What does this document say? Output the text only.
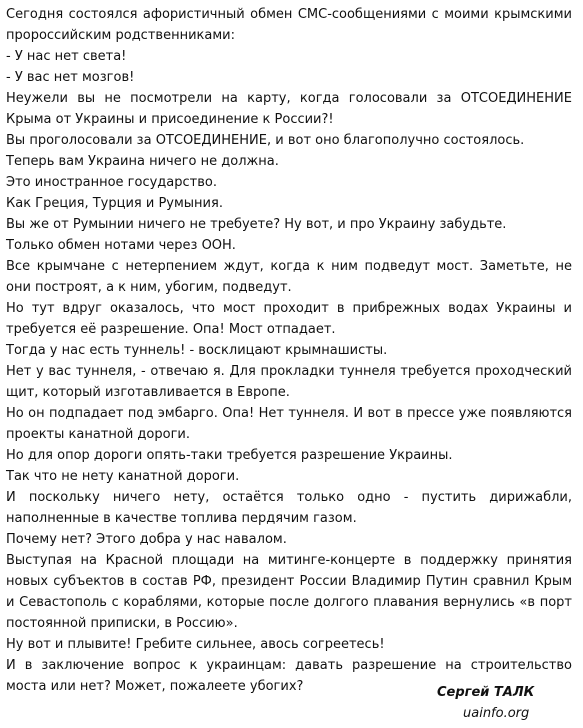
Сегодня состоялся афористичный обмен СМС-сообщениями с моими крымскими пророссийским родственниками:

- У нас нет света!

- У вас нет мозгов!

Неужели вы не посмотрели на карту, когда голосовали за ОТСОЕДИНЕНИЕ Крыма от Украины и присоединение к России?!

Вы проголосовали за ОТСОЕДИНЕНИЕ, и вот оно благополучно состоялось.

Теперь вам Украина ничего не должна.

Это иностранное государство.

Как Греция, Турция и Румыния.

Вы же от Румынии ничего не требуете? Ну вот, и про Украину забудьте.

Только обмен нотами через ООН.

Все крымчане с нетерпением ждут, когда к ним подведут мост. Заметьте, не они построят, а к ним, убогим, подведут.

Но тут вдруг оказалось, что мост проходит в прибрежных водах Украины и требуется её разрешение. Опа! Мост отпадает.

Тогда у нас есть туннель! - восклицают крымнашисты.

Нет у вас туннеля, - отвечаю я. Для прокладки туннеля требуется проходческий щит, который изготавливается в Европе.

Но он подпадает под эмбарго. Опа! Нет туннеля. И вот в прессе уже появляются проекты канатной дороги.

Но для опор дороги опять-таки требуется разрешение Украины.

Так что не нету канатной дороги.

И поскольку ничего нету, остаётся только одно - пустить дирижабли, наполненные в качестве топлива пердячим газом.

Почему нет? Этого добра у нас навалом.

Выступая на Красной площади на митинге-концерте в поддержку принятия новых субъектов в состав РФ, президент России Владимир Путин сравнил Крым и Севастополь с кораблями, которые после долгого плавания вернулись «в порт постоянной приписки, в Россию».

Ну вот и плывите! Гребите сильнее, авось согреетесь!

И в заключение вопрос к украинцам: давать разрешение на строительство моста или нет? Может, пожалеете убогих?	Сергей ТАЛК
uainfo.org
